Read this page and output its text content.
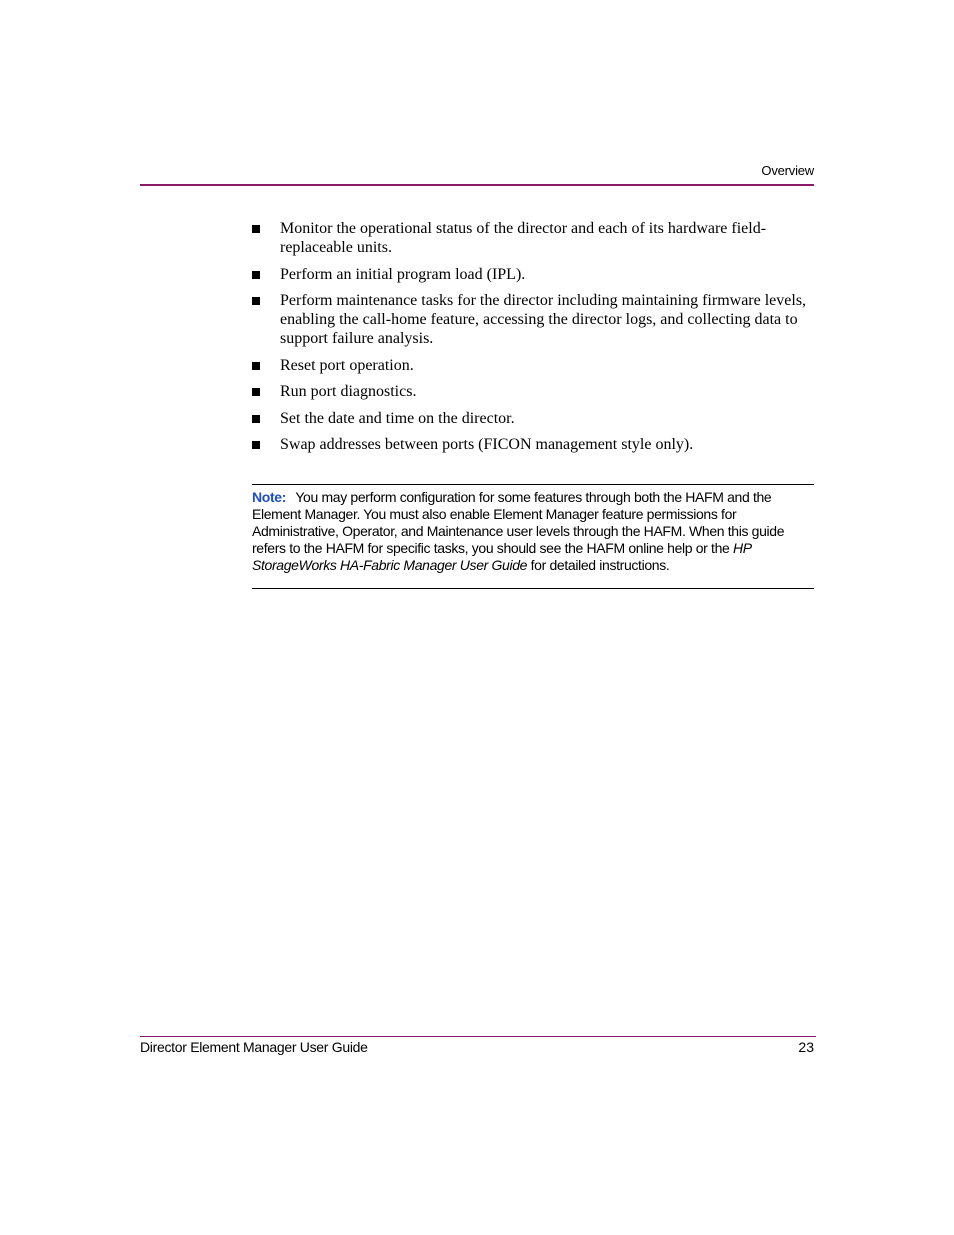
Overview
Monitor the operational status of the director and each of its hardware field-replaceable units.
Perform an initial program load (IPL).
Perform maintenance tasks for the director including maintaining firmware levels, enabling the call-home feature, accessing the director logs, and collecting data to support failure analysis.
Reset port operation.
Run port diagnostics.
Set the date and time on the director.
Swap addresses between ports (FICON management style only).
Note: You may perform configuration for some features through both the HAFM and the Element Manager. You must also enable Element Manager feature permissions for Administrative, Operator, and Maintenance user levels through the HAFM. When this guide refers to the HAFM for specific tasks, you should see the HAFM online help or the HP StorageWorks HA-Fabric Manager User Guide for detailed instructions.
Director Element Manager User Guide	23
